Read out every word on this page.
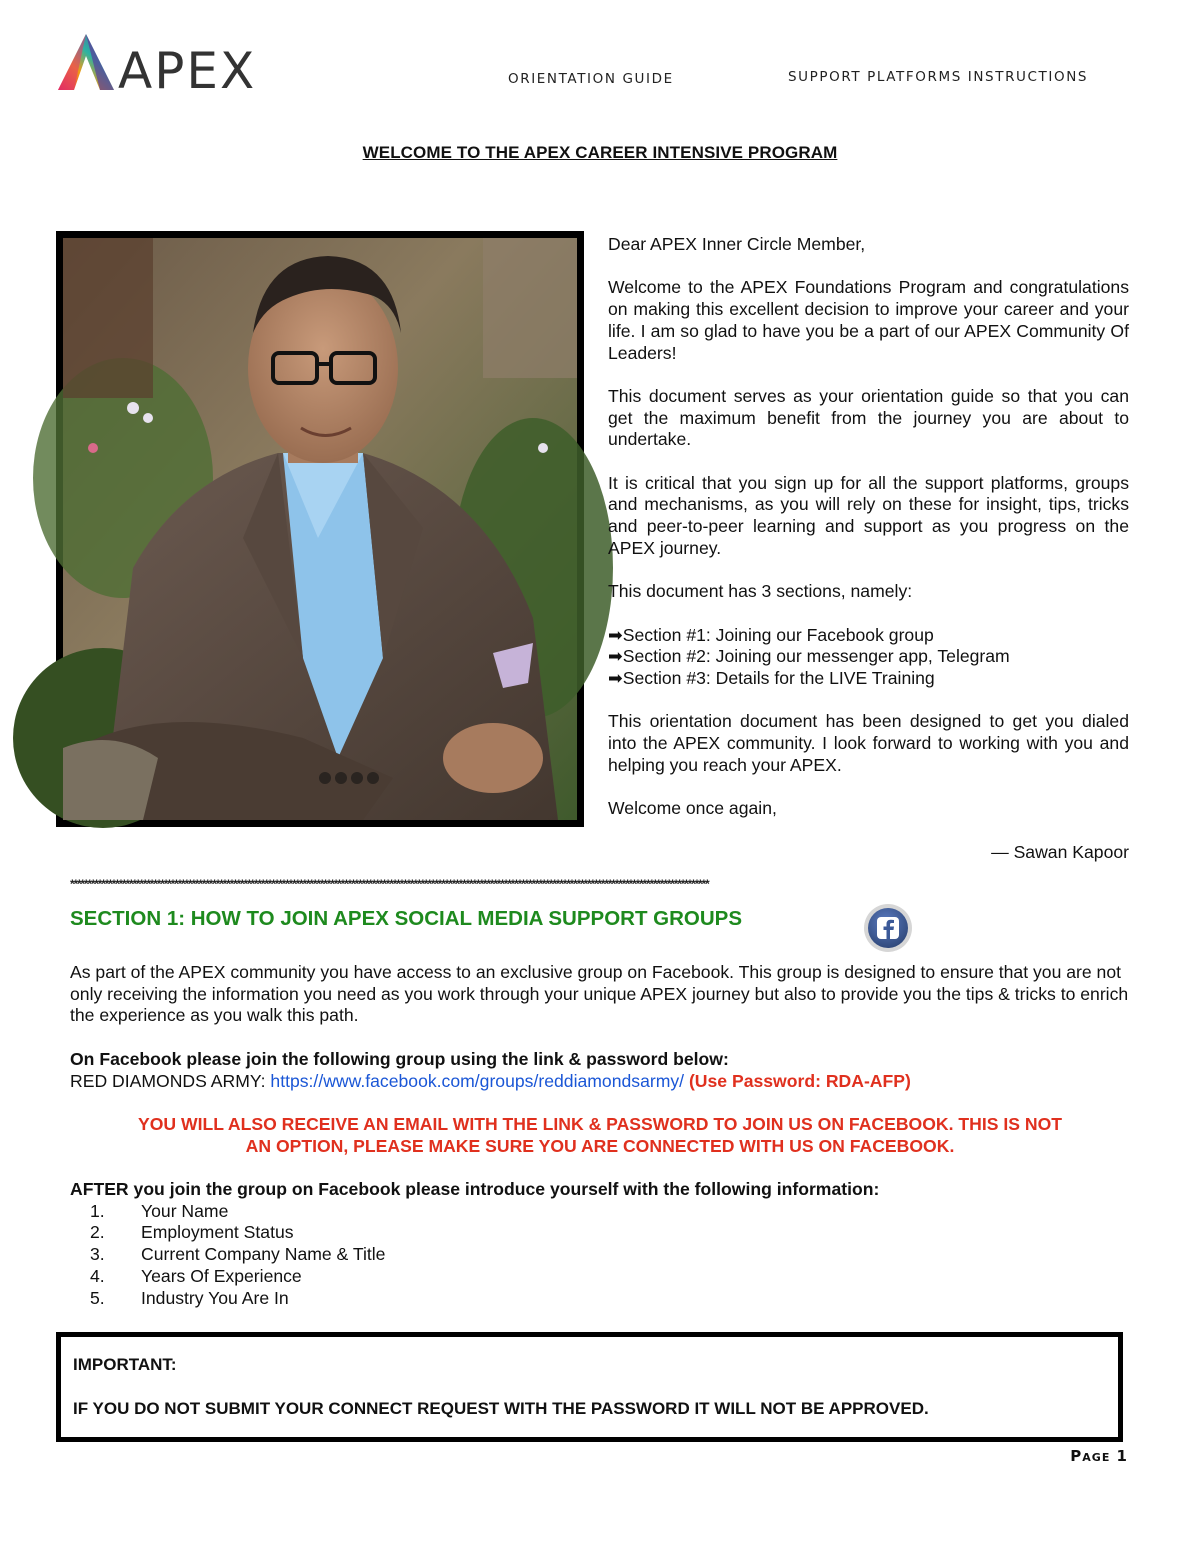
APEX	ORIENTATION GUIDE	SUPPORT PLATFORMS INSTRUCTIONS
WELCOME TO THE APEX CAREER INTENSIVE PROGRAM

Dear APEX Inner Circle Member,

Welcome to the APEX Foundations Program and congratulations on making this excellent decision to improve your career and your life. I am so glad to have you be a part of our APEX Community Of Leaders!

This document serves as your orientation guide so that you can get the maximum benefit from the journey you are about to undertake.

It is critical that you sign up for all the support platforms, groups and mechanisms, as you will rely on these for insight, tips, tricks and peer-to-peer learning and support as you progress on the APEX journey.

This document has 3 sections, namely:

➡Section #1: Joining our Facebook group

➡Section #2: Joining our messenger app, Telegram

➡Section #3: Details for the LIVE Training

This orientation document has been designed to get you dialed into the APEX community. I look forward to working with you and helping you reach your APEX.

Welcome once again,

— Sawan Kapoor

****************************************************************************************************************************************************************************************
SECTION 1: HOW TO JOIN APEX SOCIAL MEDIA SUPPORT GROUPS

As part of the APEX community you have access to an exclusive group on Facebook. This group is designed to ensure that you are not only receiving the information you need as you work through your unique APEX journey but also to provide you the tips & tricks to enrich the experience as you walk this path.

On Facebook please join the following group using the link & password below:

RED DIAMONDS ARMY: https://www.facebook.com/groups/reddiamondsarmy/ (Use Password: RDA-AFP)

YOU WILL ALSO RECEIVE AN EMAIL WITH THE LINK & PASSWORD TO JOIN US ON FACEBOOK. THIS IS NOT
AN OPTION, PLEASE MAKE SURE YOU ARE CONNECTED WITH US ON FACEBOOK.

AFTER you join the group on Facebook please introduce yourself with the following information:

1.	Your Name
2.	Employment Status
3.	Current Company Name & Title
4.	Years Of Experience
5.	Industry You Are In

IMPORTANT:

IF YOU DO NOT SUBMIT YOUR CONNECT REQUEST WITH THE PASSWORD IT WILL NOT BE APPROVED.

Page 1
